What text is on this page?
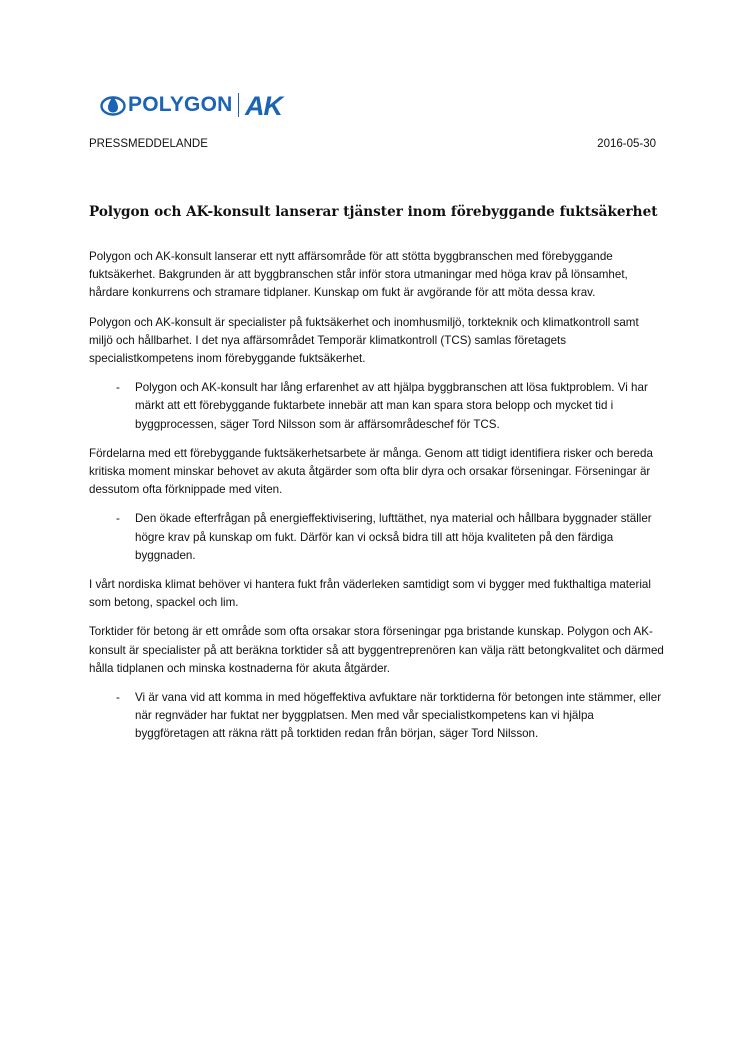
POLYGON AK
PRESSMEDDELANDE	2016-05-30
Polygon och AK-konsult lanserar tjänster inom förebyggande fuktsäkerhet

Polygon och AK-konsult lanserar ett nytt affärsområde för att stötta byggbranschen med förebyggande fuktsäkerhet. Bakgrunden är att byggbranschen står inför stora utmaningar med höga krav på lönsamhet, hårdare konkurrens och stramare tidplaner. Kunskap om fukt är avgörande för att möta dessa krav.

Polygon och AK-konsult är specialister på fuktsäkerhet och inomhusmiljö, torkteknik och klimatkontroll samt miljö och hållbarhet. I det nya affärsområdet Temporär klimatkontroll (TCS) samlas företagets specialistkompetens inom förebyggande fuktsäkerhet.

- Polygon och AK-konsult har lång erfarenhet av att hjälpa byggbranschen att lösa fuktproblem. Vi har märkt att ett förebyggande fuktarbete innebär att man kan spara stora belopp och mycket tid i byggprocessen, säger Tord Nilsson som är affärsområdeschef för TCS.

Fördelarna med ett förebyggande fuktsäkerhetsarbete är många. Genom att tidigt identifiera risker och bereda kritiska moment minskar behovet av akuta åtgärder som ofta blir dyra och orsakar förseningar. Förseningar är dessutom ofta förknippade med viten.

- Den ökade efterfrågan på energieffektivisering, lufttäthet, nya material och hållbara byggnader ställer högre krav på kunskap om fukt. Därför kan vi också bidra till att höja kvaliteten på den färdiga byggnaden.

I vårt nordiska klimat behöver vi hantera fukt från väderleken samtidigt som vi bygger med fukthaltiga material som betong, spackel och lim.

Torktider för betong är ett område som ofta orsakar stora förseningar pga bristande kunskap. Polygon och AK-konsult är specialister på att beräkna torktider så att byggentreprenören kan välja rätt betongkvalitet och därmed hålla tidplanen och minska kostnaderna för akuta åtgärder.

- Vi är vana vid att komma in med högeffektiva avfuktare när torktiderna för betongen inte stämmer, eller när regnväder har fuktat ner byggplatsen. Men med vår specialistkompetens kan vi hjälpa byggföretagen att räkna rätt på torktiden redan från början, säger Tord Nilsson.
